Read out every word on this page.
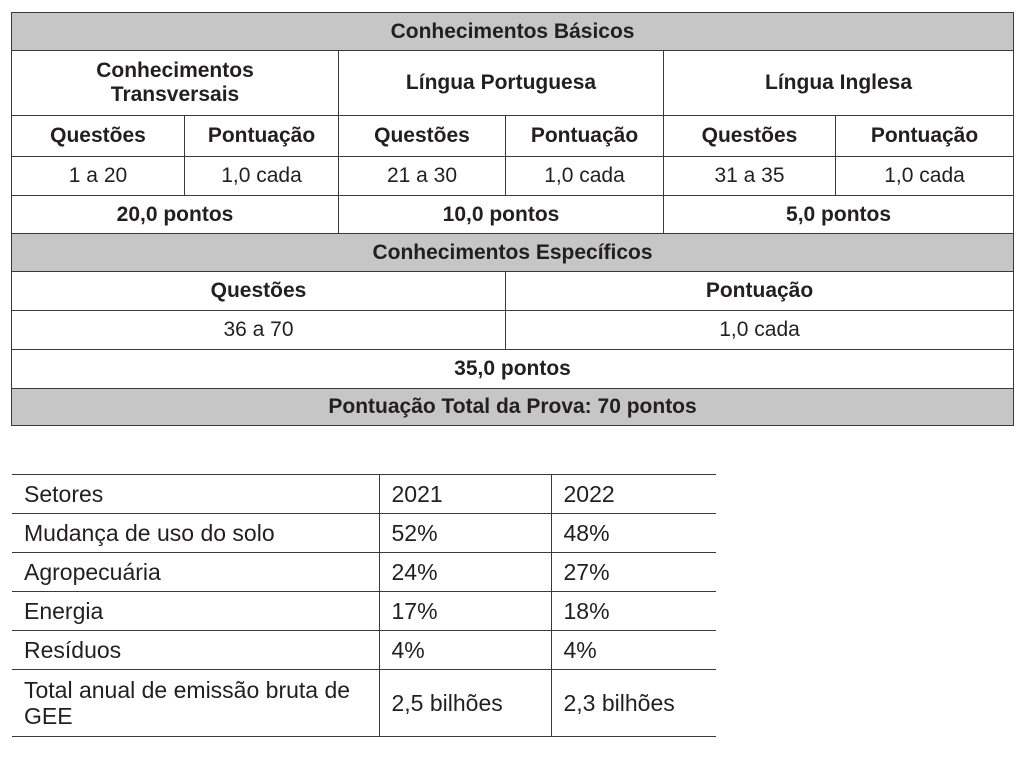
Conhecimentos Básicos					
Conhecimentos Transversais		Língua Portuguesa		Língua Inglesa	
Questões	Pontuação	Questões	Pontuação	Questões	Pontuação
1 a 20	1,0 cada	21 a 30	1,0 cada	31 a 35	1,0 cada
20,0 pontos		10,0 pontos		5,0 pontos	
Conhecimentos Específicos					
Questões			Pontuação		
36 a 70			1,0 cada		
35,0 pontos					
Pontuação Total da Prova: 70 pontos					
Setores	2021	2022
Mudança de uso do solo	52%	48%
Agropecuária	24%	27%
Energia	17%	18%
Resíduos	4%	4%
Total anual de emissão bruta de GEE	2,5 bilhões	2,3 bilhões
